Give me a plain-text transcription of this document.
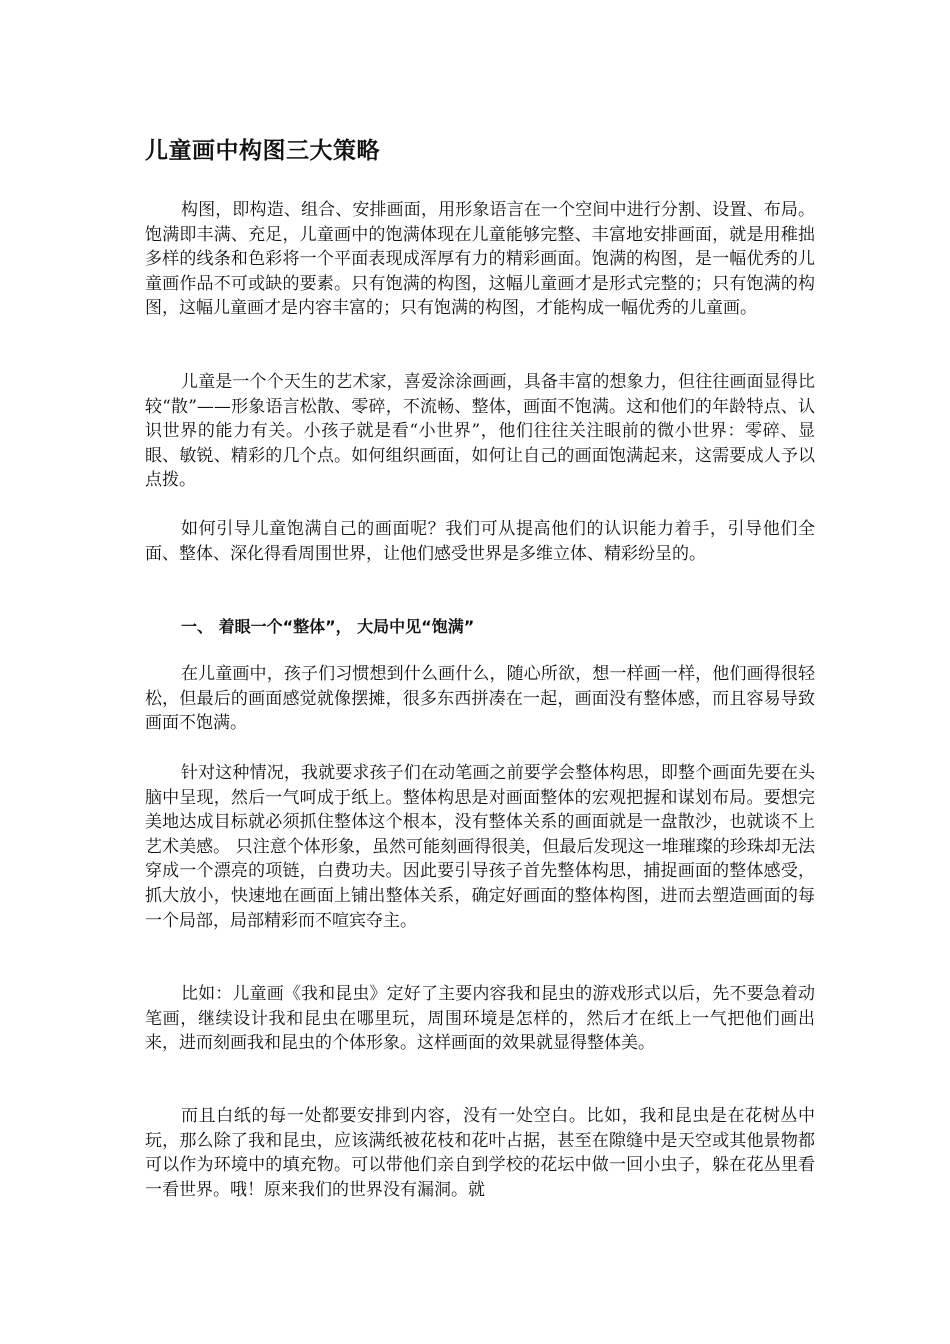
儿童画中构图三大策略

构图，即构造、组合、安排画面，用形象语言在一个空间中进行分割、设置、布局。饱满即丰满、充足，儿童画中的饱满体现在儿童能够完整、丰富地安排画面，就是用稚拙多样的线条和色彩将一个平面表现成浑厚有力的精彩画面。饱满的构图，是一幅优秀的儿童画作品不可或缺的要素。只有饱满的构图，这幅儿童画才是形式完整的；只有饱满的构图，这幅儿童画才是内容丰富的；只有饱满的构图，才能构成一幅优秀的儿童画。

儿童是一个个天生的艺术家，喜爱涂涂画画，具备丰富的想象力，但往往画面显得比较“散”——形象语言松散、零碎，不流畅、整体，画面不饱满。这和他们的年龄特点、认识世界的能力有关。小孩子就是看“小世界”，他们往往关注眼前的微小世界：零碎、显眼、敏锐、精彩的几个点。如何组织画面，如何让自己的画面饱满起来，这需要成人予以点拨。

如何引导儿童饱满自己的画面呢？我们可从提高他们的认识能力着手，引导他们全面、整体、深化得看周围世界，让他们感受世界是多维立体、精彩纷呈的。

一、 着眼一个“整体”， 大局中见“饱满”

在儿童画中，孩子们习惯想到什么画什么，随心所欲，想一样画一样，他们画得很轻松，但最后的画面感觉就像摆摊，很多东西拼凑在一起，画面没有整体感，而且容易导致画面不饱满。

针对这种情况，我就要求孩子们在动笔画之前要学会整体构思，即整个画面先要在头脑中呈现，然后一气呵成于纸上。整体构思是对画面整体的宏观把握和谋划布局。要想完美地达成目标就必须抓住整体这个根本，没有整体关系的画面就是一盘散沙，也就谈不上艺术美感。 只注意个体形象，虽然可能刻画得很美，但最后发现这一堆璀璨的珍珠却无法穿成一个漂亮的项链，白费功夫。因此要引导孩子首先整体构思，捕捉画面的整体感受，抓大放小，快速地在画面上铺出整体关系，确定好画面的整体构图，进而去塑造画面的每一个局部，局部精彩而不喧宾夺主。

比如：儿童画《我和昆虫》定好了主要内容我和昆虫的游戏形式以后，先不要急着动笔画，继续设计我和昆虫在哪里玩，周围环境是怎样的，然后才在纸上一气把他们画出来，进而刻画我和昆虫的个体形象。这样画面的效果就显得整体美。

而且白纸的每一处都要安排到内容，没有一处空白。比如，我和昆虫是在花树丛中玩，那么除了我和昆虫，应该满纸被花枝和花叶占据，甚至在隙缝中是天空或其他景物都可以作为环境中的填充物。可以带他们亲自到学校的花坛中做一回小虫子，躲在花丛里看一看世界。哦！原来我们的世界没有漏洞。就
